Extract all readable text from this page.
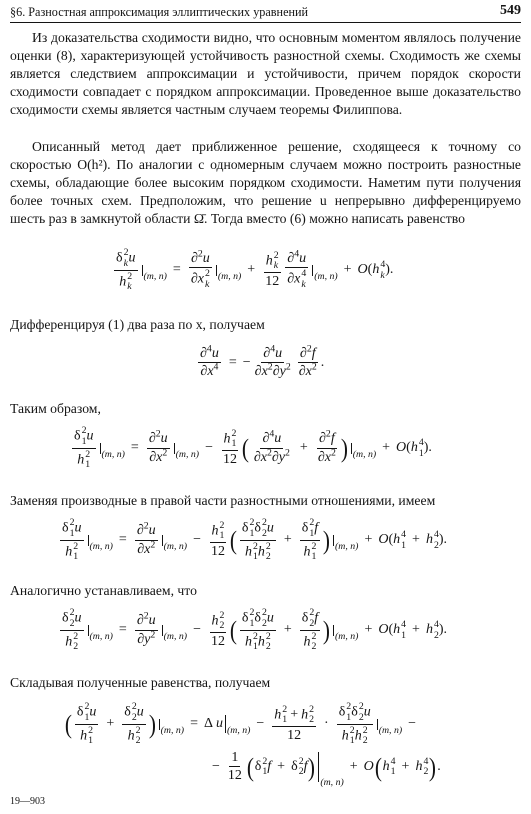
§6. Разностная аппроксимация эллиптических уравнений	549
Из доказательства сходимости видно, что основным моментом являлось получение оценки (8), характеризующей устойчивость разностной схемы. Сходимость же схемы является следствием аппроксимации и устойчивости, причем порядок скорости сходимости совпадает с порядком аппроксимации. Проведенное выше доказательство сходимости схемы является частным случаем теоремы Филиппова.
Описанный метод дает приближенное решение, сходящееся к точному со скоростью O(h²). По аналогии с одномерным случаем можно построить разностные схемы, обладающие более высоким порядком сходимости. Наметим пути получения более точных схем. Предположим, что решение u непрерывно дифференцируемо шесть раз в замкнутой области Ω̄. Тогда вместо (6) можно написать равенство
δ 2
k u
h 2
k (m, n) = ∂$^2$u
∂x 2
k (m, n) + h 2
k
12 ∂$^4$u
∂x 4
k (m, n) + O ( h 4
k ).
Дифференцируя (1) два раза по x, получаем
$\frac{\partial^4u}{\partial x^4}$ = − $\frac{\partial^4u}{\partial x^2\partial y^2} \frac{\partial^2f}{\partial x^2}$ .
Таким образом,
δ 2
1 u
h 2
1 (m, $n) = \frac{\partial^2u}{\partial x^2} (m$, n) − h 2
1
12 ( $\frac{\partial^4u}{\partial x^2\partial y^2} + \frac{\partial^2f}{\partial x^2}$ ) (m, n) + O ( h 4
1 ).
Заменяя производные в правой части разностными отношениями, имеем
δ 2
1 u
h 2
1 (m, $n) = \frac{\partial^2u}{\partial x^2} (m$, n) − h 2
1
12 ( δ 2
1 δ 2
2 u
h 2
1 h 2
2 + δ 2
1 f
h 2
1 ) (m, n) + O ( h 4
1 + h 4
2 ).
Аналогично устанавливаем, что
δ 2
2 u
h 2
2 (m, $n) = \frac{\partial^2u}{\partial y^2} (m$, n) − h 2
2
12 ( δ 2
1 δ 2
2 u
h 2
1 h 2
2 + δ 2
2 f
h 2
2 ) (m, n) + O ( h 4
1 + h 4
2 ).
Складывая полученные равенства, получаем
( δ 2
1 u
h 2
1 + δ 2
2 u
h 2
2 ) (m, n) = Δ u (m, n) − h 2
1 + h 2
2
12 · δ 2
1 δ 2
2 u
h 2
1 h 2
2 (m, n) −
− $\frac{1}{12}$ ( δ 2
1 f + δ 2
2 f )
(m, n)
+ O ( h 4
1 + h 4
2 ) .
19—903
